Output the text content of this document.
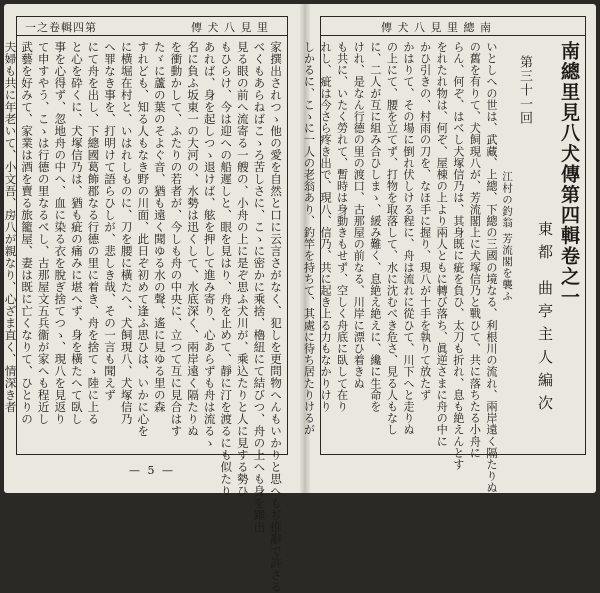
一之卷輯四第	傳 犬 八 見 里
家撰出されつゝ他の愛を自然と口に云言さがなく、犯しを更問物へんもいかりと思へもぢ推辭で許さる
べくもあらねばこゝろ苦しさに、こゝに密かに乘捨、櫓紐にて結びつ、舟の上へも身を躍出
見る眼の前へ流寄る一艘の、小舟の上に是ぞ思ふ犬川が、乘込たりと人に見する勢ひ
もひらけ、今は迎への船遲しと、眼を見はり、舟を止めて、靜に汀を渡るにも似たり
あれば、身を起しつゝ退けば、舷を押して進み寄り、心あらずも舟は流るゝ
名に負ふ坂東一の大河の、水勢は迅くして、水底深く、兩岸遠く隔たりぬ
を衝動かして、ふたりの若者が、今しも舟の中央に、立つて互に見合はす
たゞに蘆の葉のそよぐ音、猶も遠く聞ゆる水の聲、遙に見ゆる里の森
すれども、知る人もなき野の川面、此日ぞ初めて逢ふ思ひは、いかに心を
に横堀在村と、いはれしものに、刀を腰に橫たへ、犬飼現八、犬塚信乃
へ罪なき事を、打明けて語らひしが、悲しき哉、その一言も聞えず
にて舟を出し、下總國葛飾郡なる行德の里に着き、舟を捨てゝ陸に上る
と心を砕くに、犬塚信乃は、猶も疵の痛みに堪へず、身を橫たへて臥し
事を心得ず、忽地舟の中へ、血に染る衣を脫ぎ捨てつゝ、現八を見返り
て申すやう、こゝは行德の里なるべし、古那屋文五兵衞が家へも程近し
武藝を好みて、家業は酒を賣る旅籠屋、妻は既に亡くなりて、ひとりの
夫婦も共に年老いて、小文吾、房八が親なり、心ざま直く、情深き者
— 5 —
傳 犬 八 見 里 總 南
南總里見八犬傳第四輯卷之一
東都 曲亭主人編次
第三十一回
江村の釣翁 芳流閣を襲ふ
いとしへの世は、武藏、上總、下總の三國の境なる、利根川の流れ、兩岸遠く隔たりぬ
の舊を有りて、犬飼現八が、芳流閣上に犬塚信乃と戰ひて、共に落ちたる小舟に
らん、何ぞ、はべし犬塚信乃は、其身既に疵を負ひ、太刀も折れ、息も絶えんとす
をれたれ物は、何ぞ、屋棟の上より兩人ともに轉び落ち、眞逆さまに舟の中に
かひ引きの、村雨の刀を、なほ手に握り、現八が十手を執りて放たず
かはりて、その場に倒れ伏しける程に、舟は流れに從ひて、川下へと走りぬ
の上にて、腰を立てず、打物を取落して、水に沈むべき危さ、見る人もなし
に、二人が互に組み合ひしまゝ、緩み難く、息絶え絶えに、纔に生命を
けれ、是なん行德の里の渡口、古那屋の前なる、川岸に漂ひ着きぬ
も共に、いたく勞れて、暫時は身動きもせず、空しく舟底に臥して在り
れし、疵は今さら疼き出で、現八、信乃、共に起き上る力もなかりけり
しかるに、こゝに一人の老翁あり、釣竿を持ちて、其處に待ち居たりけるが
